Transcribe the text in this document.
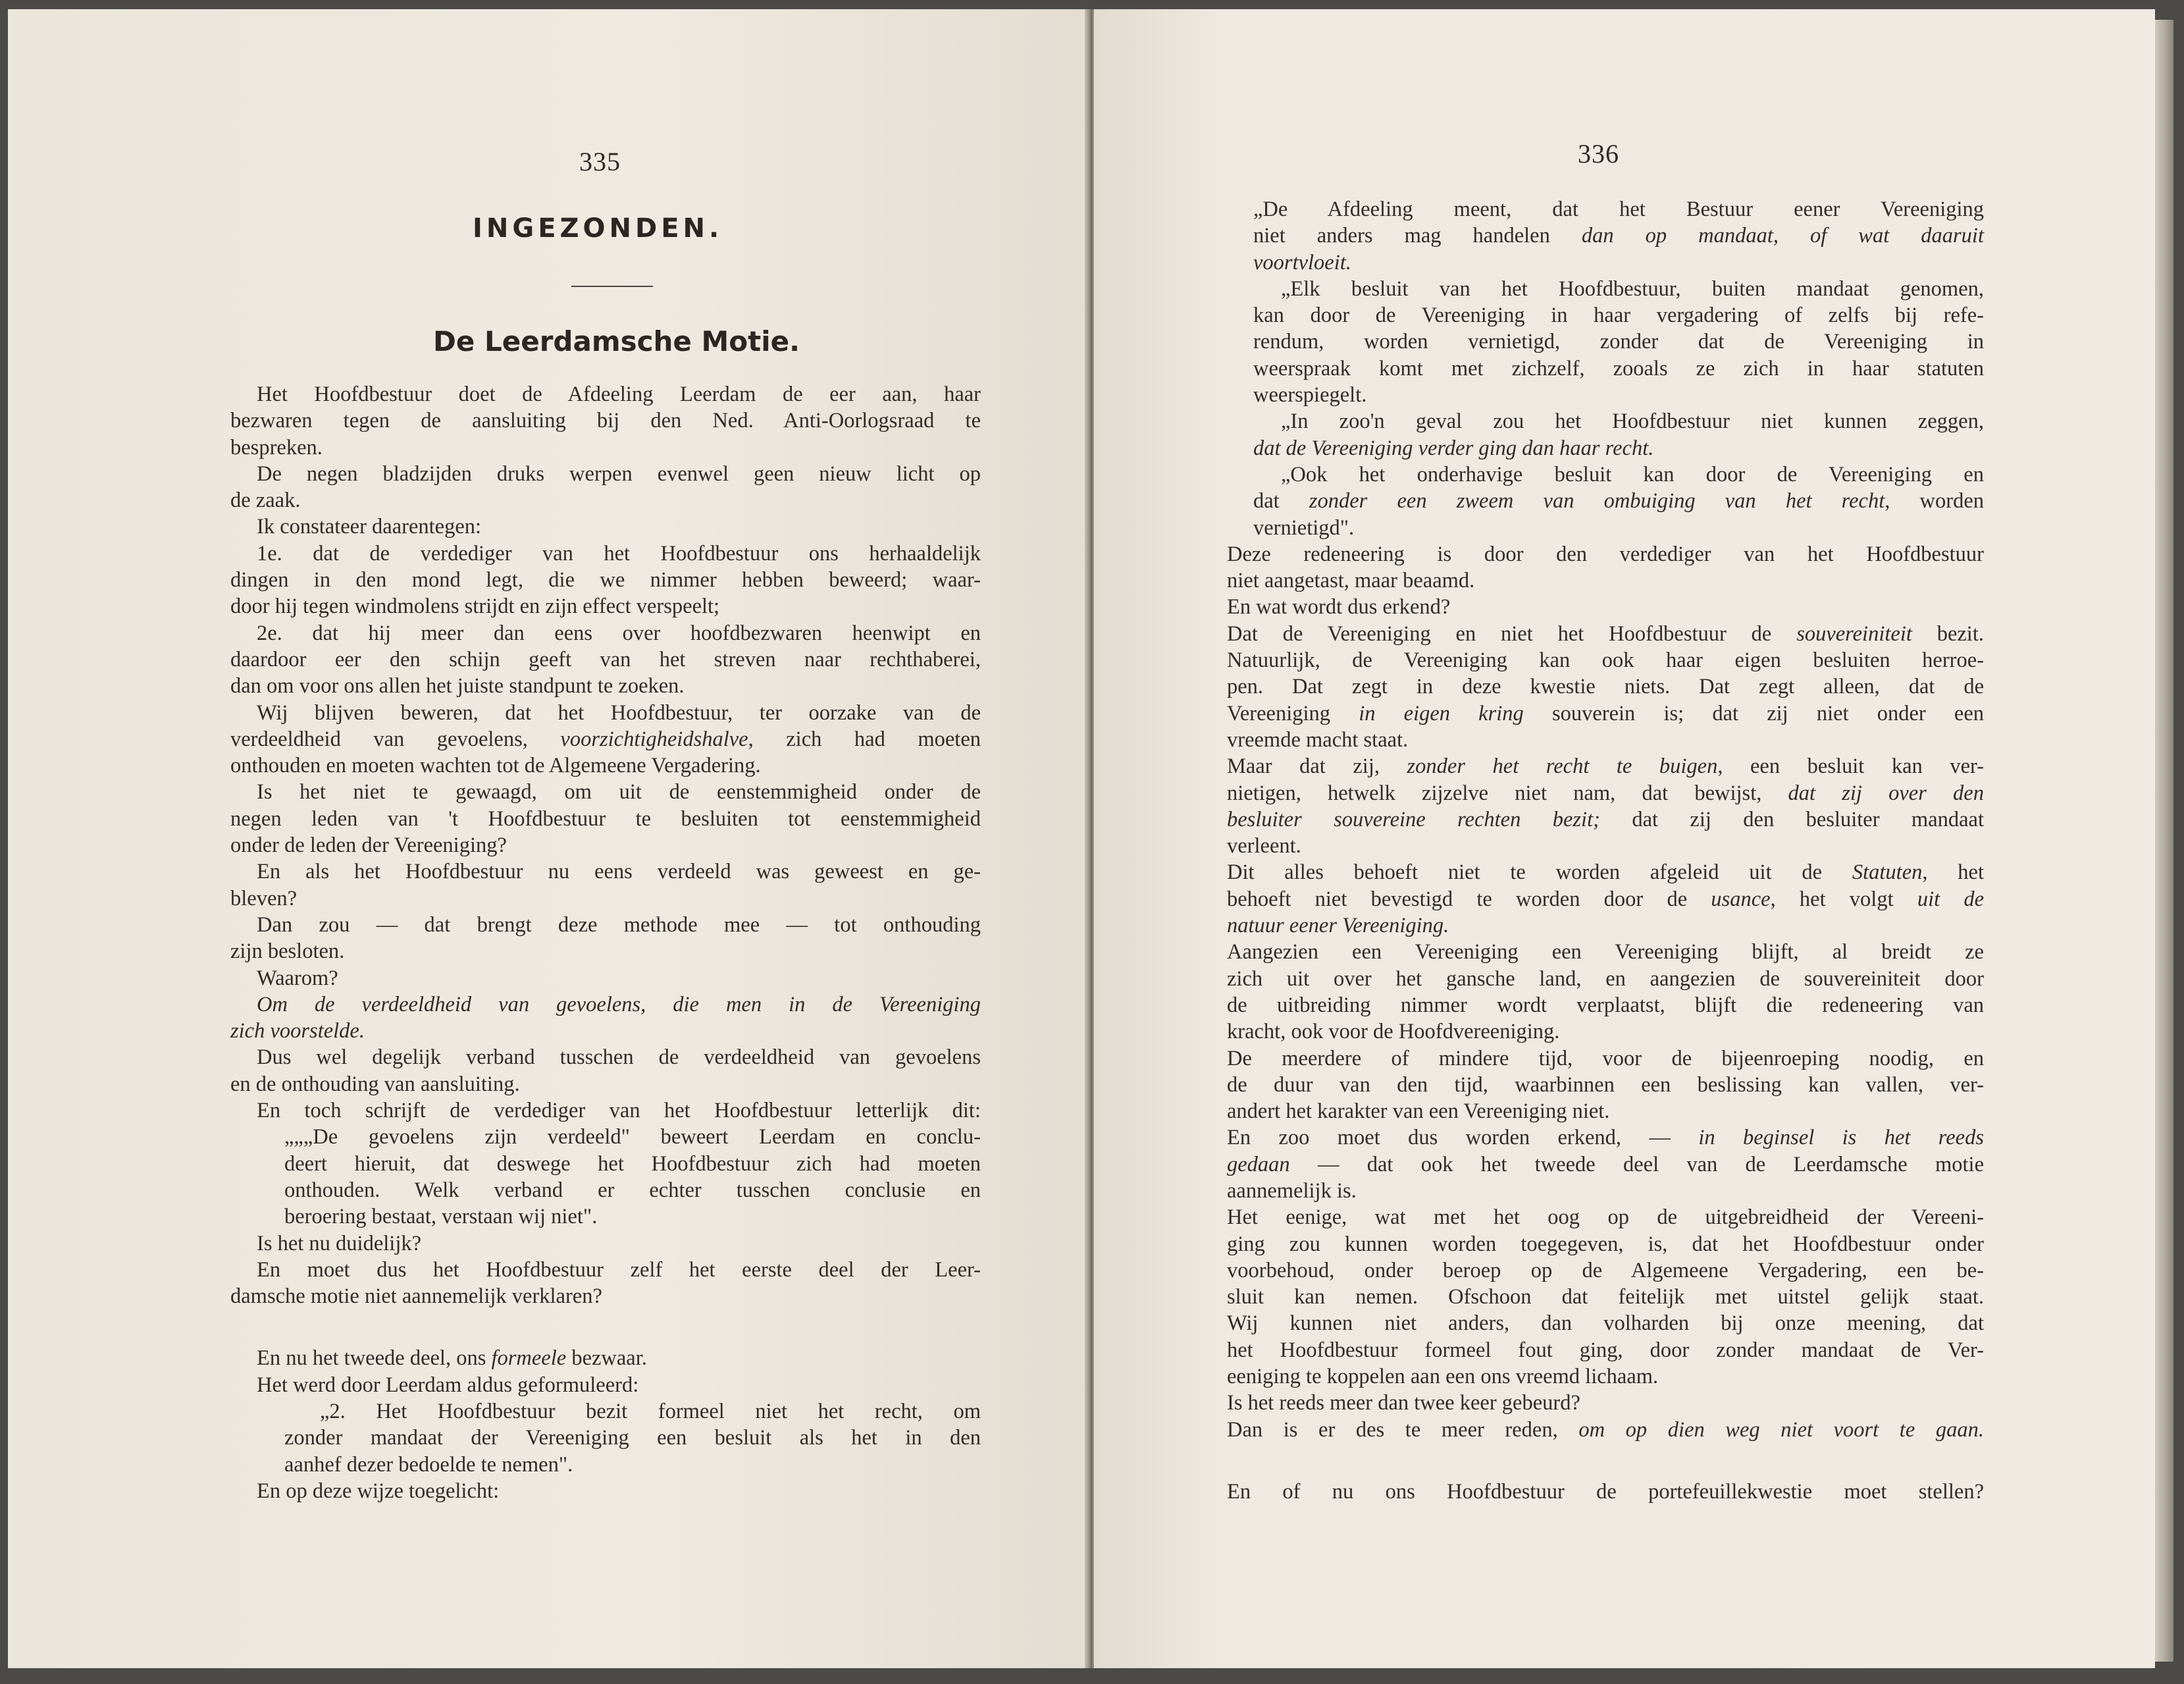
335
INGEZONDEN.
De Leerdamsche Motie.
Het Hoofdbestuur doet de Afdeeling Leerdam de eer aan, haar
bezwaren tegen de aansluiting bij den Ned. Anti-Oorlogsraad te
bespreken.
De negen bladzijden druks werpen evenwel geen nieuw licht op
de zaak.
Ik constateer daarentegen:
1e. dat de verdediger van het Hoofdbestuur ons herhaaldelijk
dingen in den mond legt, die we nimmer hebben beweerd; waar-
door hij tegen windmolens strijdt en zijn effect verspeelt;
2e. dat hij meer dan eens over hoofdbezwaren heenwipt en
daardoor eer den schijn geeft van het streven naar rechthaberei,
dan om voor ons allen het juiste standpunt te zoeken.
Wij blijven beweren, dat het Hoofdbestuur, ter oorzake van de
verdeeldheid van gevoelens, voorzichtigheidshalve, zich had moeten
onthouden en moeten wachten tot de Algemeene Vergadering.
Is het niet te gewaagd, om uit de eenstemmigheid onder de
negen leden van 't Hoofdbestuur te besluiten tot eenstemmigheid
onder de leden der Vereeniging?
En als het Hoofdbestuur nu eens verdeeld was geweest en ge-
bleven?
Dan zou — dat brengt deze methode mee — tot onthouding
zijn besloten.
Waarom?
Om de verdeeldheid van gevoelens, die men in de Vereeniging
zich voorstelde.
Dus wel degelijk verband tusschen de verdeeldheid van gevoelens
en de onthouding van aansluiting.
En toch schrijft de verdediger van het Hoofdbestuur letterlijk dit:
„„„De gevoelens zijn verdeeld" beweert Leerdam en conclu-
deert hieruit, dat deswege het Hoofdbestuur zich had moeten
onthouden. Welk verband er echter tusschen conclusie en
beroering bestaat, verstaan wij niet".
Is het nu duidelijk?
En moet dus het Hoofdbestuur zelf het eerste deel der Leer-
damsche motie niet aannemelijk verklaren?
En nu het tweede deel, ons formeele bezwaar.
Het werd door Leerdam aldus geformuleerd:
„2. Het Hoofdbestuur bezit formeel niet het recht, om
zonder mandaat der Vereeniging een besluit als het in den
aanhef dezer bedoelde te nemen".
En op deze wijze toegelicht:
336
„De Afdeeling meent, dat het Bestuur eener Vereeniging
niet anders mag handelen dan op mandaat, of wat daaruit
voortvloeit.
„Elk besluit van het Hoofdbestuur, buiten mandaat genomen,
kan door de Vereeniging in haar vergadering of zelfs bij refe-
rendum, worden vernietigd, zonder dat de Vereeniging in
weerspraak komt met zichzelf, zooals ze zich in haar statuten
weerspiegelt.
„In zoo'n geval zou het Hoofdbestuur niet kunnen zeggen,
dat de Vereeniging verder ging dan haar recht.
„Ook het onderhavige besluit kan door de Vereeniging en
dat zonder een zweem van ombuiging van het recht, worden
vernietigd".
Deze redeneering is door den verdediger van het Hoofdbestuur
niet aangetast, maar beaamd.
En wat wordt dus erkend?
Dat de Vereeniging en niet het Hoofdbestuur de souvereiniteit bezit.
Natuurlijk, de Vereeniging kan ook haar eigen besluiten herroe-
pen. Dat zegt in deze kwestie niets. Dat zegt alleen, dat de
Vereeniging in eigen kring souverein is; dat zij niet onder een
vreemde macht staat.
Maar dat zij, zonder het recht te buigen, een besluit kan ver-
nietigen, hetwelk zijzelve niet nam, dat bewijst, dat zij over den
besluiter souvereine rechten bezit; dat zij den besluiter mandaat
verleent.
Dit alles behoeft niet te worden afgeleid uit de Statuten, het
behoeft niet bevestigd te worden door de usance, het volgt uit de
natuur eener Vereeniging.
Aangezien een Vereeniging een Vereeniging blijft, al breidt ze
zich uit over het gansche land, en aangezien de souvereiniteit door
de uitbreiding nimmer wordt verplaatst, blijft die redeneering van
kracht, ook voor de Hoofdvereeniging.
De meerdere of mindere tijd, voor de bijeenroeping noodig, en
de duur van den tijd, waarbinnen een beslissing kan vallen, ver-
andert het karakter van een Vereeniging niet.
En zoo moet dus worden erkend, — in beginsel is het reeds
gedaan — dat ook het tweede deel van de Leerdamsche motie
aannemelijk is.
Het eenige, wat met het oog op de uitgebreidheid der Vereeni-
ging zou kunnen worden toegegeven, is, dat het Hoofdbestuur onder
voorbehoud, onder beroep op de Algemeene Vergadering, een be-
sluit kan nemen. Ofschoon dat feitelijk met uitstel gelijk staat.
Wij kunnen niet anders, dan volharden bij onze meening, dat
het Hoofdbestuur formeel fout ging, door zonder mandaat de Ver-
eeniging te koppelen aan een ons vreemd lichaam.
Is het reeds meer dan twee keer gebeurd?
Dan is er des te meer reden, om op dien weg niet voort te gaan.
En of nu ons Hoofdbestuur de portefeuillekwestie moet stellen?
